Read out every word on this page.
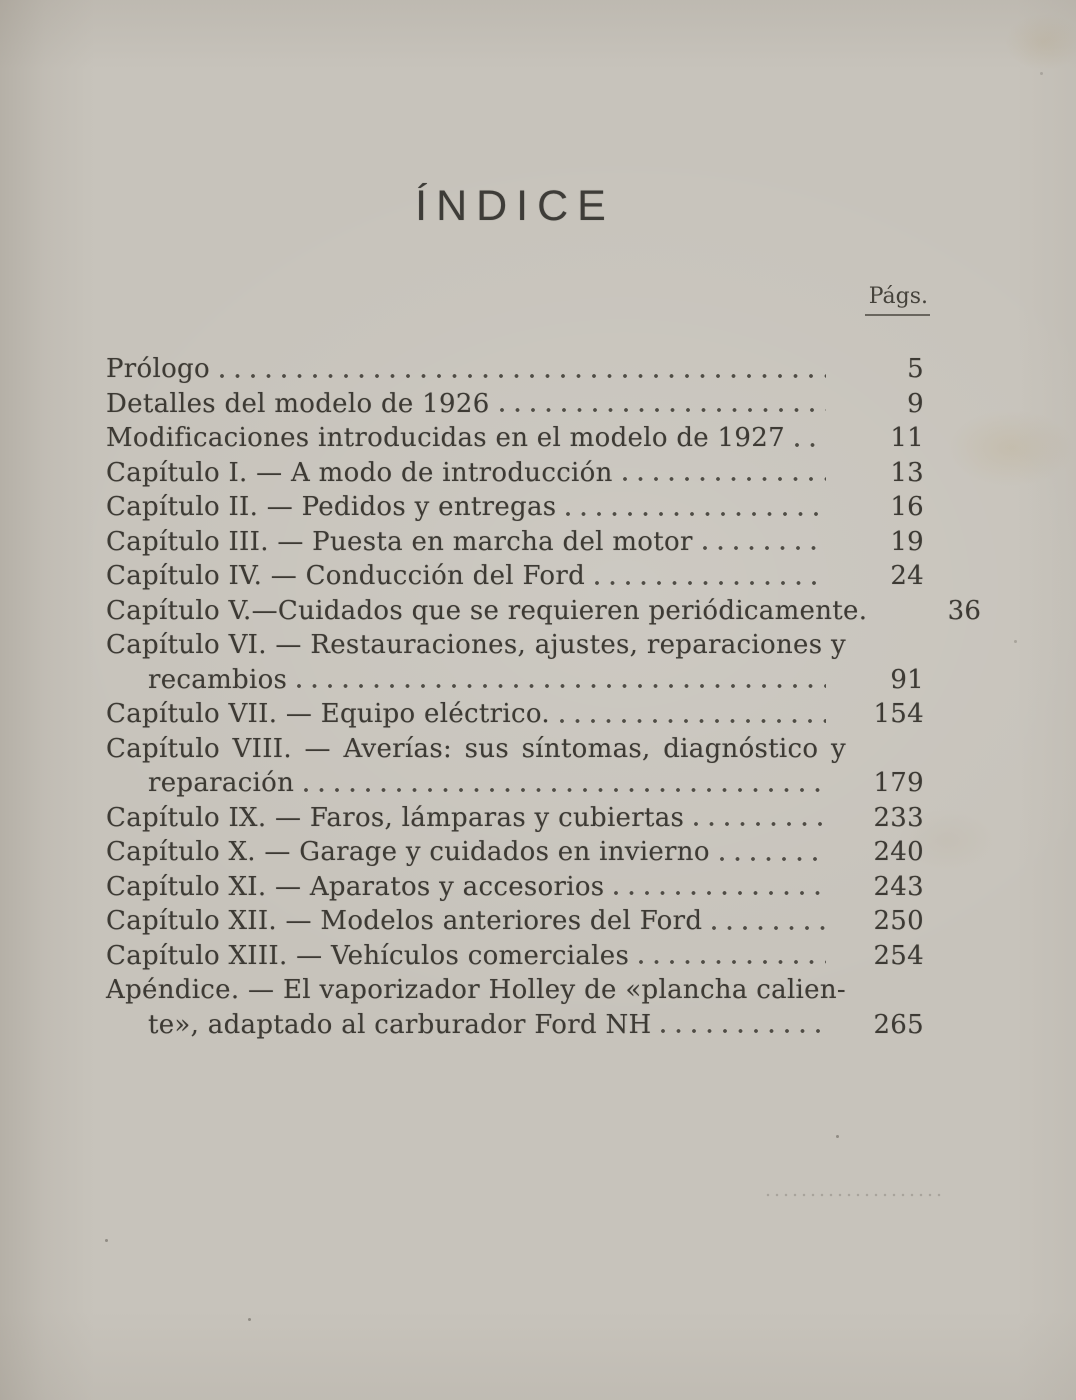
ÍNDICE
Págs.
Prólogo	5
Detalles del modelo de 1926	9
Modificaciones introducidas en el modelo de 1927	11
Capítulo I. — A modo de introducción	13
Capítulo II. — Pedidos y entregas	16
Capítulo III. — Puesta en marcha del motor	19
Capítulo IV. — Conducción del Ford	24
Capítulo V.—Cuidados que se requieren periódicamente.	36
Capítulo VI. — Restauraciones, ajustes, reparaciones y
recambios	91
Capítulo VII. — Equipo eléctrico.	154
Capítulo VIII. — Averías: sus síntomas, diagnóstico y
reparación	179
Capítulo IX. — Faros, lámparas y cubiertas	233
Capítulo X. — Garage y cuidados en invierno	240
Capítulo XI. — Aparatos y accesorios	243
Capítulo XII. — Modelos anteriores del Ford	250
Capítulo XIII. — Vehículos comerciales	254
Apéndice. — El vaporizador Holley de «plancha calien-
te», adaptado al carburador Ford NH	265
